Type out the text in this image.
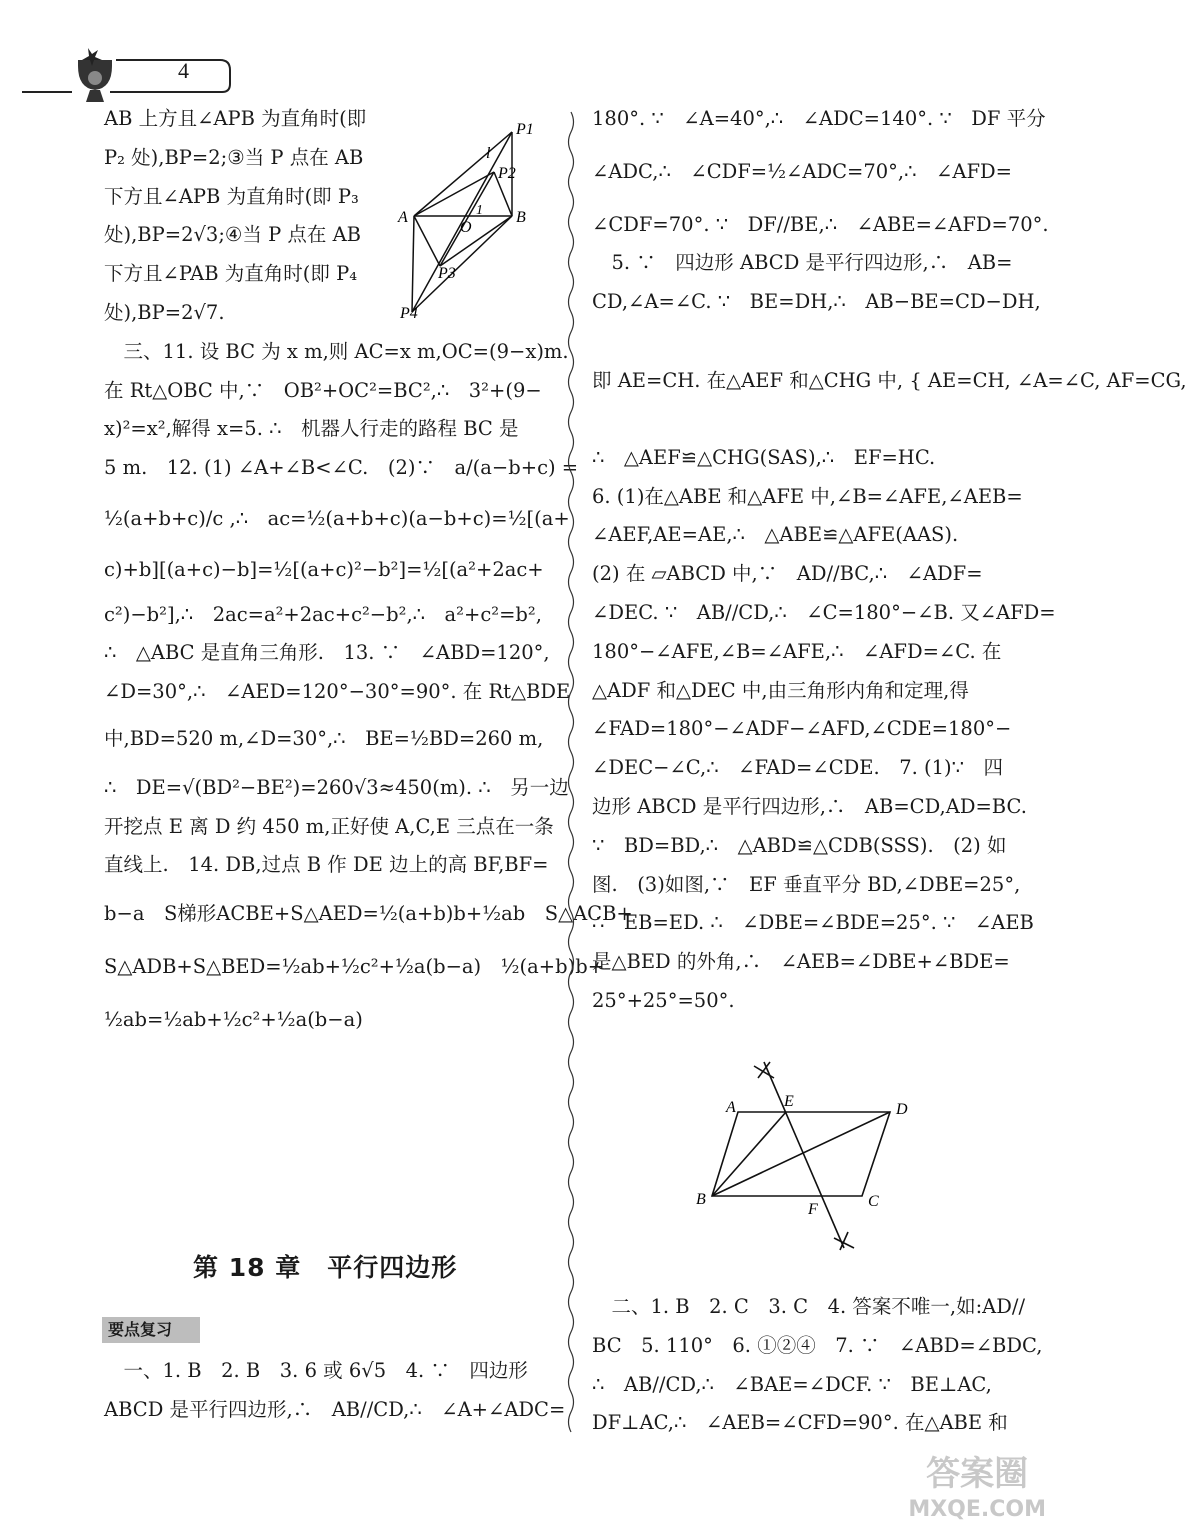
4

AB 上方且∠APB 为直角时(即

P₂ 处),BP=2;③当 P 点在 AB

下方且∠APB 为直角时(即 P₃

处),BP=2√3;④当 P 点在 AB

下方且∠PAB 为直角时(即 P₄

处),BP=2√7.

　三、11. 设 BC 为 x m,则 AC=x m,OC=(9−x)m.

在 Rt△OBC 中,∵　OB²+OC²=BC²,∴　3²+(9−

x)²=x²,解得 x=5. ∴　机器人行走的路程 BC 是

5 m.　12. (1) ∠A+∠B<∠C.　(2)∵　a/(a−b+c) =

½(a+b+c)/c ,∴　ac=½(a+b+c)(a−b+c)=½[(a+

c)+b][(a+c)−b]=½[(a+c)²−b²]=½[(a²+2ac+

c²)−b²],∴　2ac=a²+2ac+c²−b²,∴　a²+c²=b²,

∴　△ABC 是直角三角形.　13. ∵　∠ABD=120°,

∠D=30°,∴　∠AED=120°−30°=90°. 在 Rt△BDE

中,BD=520 m,∠D=30°,∴　BE=½BD=260 m,

∴　DE=√(BD²−BE²)=260√3≈450(m). ∴　另一边

开挖点 E 离 D 约 450 m,正好使 A,C,E 三点在一条

直线上.　14. DB,过点 B 作 DE 边上的高 BF,BF=

b−a　S梯形ACBE+S△AED=½(a+b)b+½ab　S△ACB+

S△ADB+S△BED=½ab+½c²+½a(b−a)　½(a+b)b+

½ab=½ab+½c²+½a(b−a)

P1
l
P2
A	B
O
1
P3
P4
第 18 章　平行四边形
要点复习

　一、1. B　2. B　3. 6 或 6√5　4. ∵　四边形

ABCD 是平行四边形,∴　AB//CD,∴　∠A+∠ADC=

180°. ∵　∠A=40°,∴　∠ADC=140°. ∵　DF 平分

∠ADC,∴　∠CDF=½∠ADC=70°,∴　∠AFD=

∠CDF=70°. ∵　DF//BE,∴　∠ABE=∠AFD=70°.

　5. ∵　四边形 ABCD 是平行四边形,∴　AB=

CD,∠A=∠C. ∵　BE=DH,∴　AB−BE=CD−DH,

即 AE=CH. 在△AEF 和△CHG 中, { AE=CH, ∠A=∠C, AF=CG,

∴　△AEF≌△CHG(SAS),∴　EF=HC.

6. (1)在△ABE 和△AFE 中,∠B=∠AFE,∠AEB=

∠AEF,AE=AE,∴　△ABE≌△AFE(AAS).

(2) 在 ▱ABCD 中,∵　AD//BC,∴　∠ADF=

∠DEC. ∵　AB//CD,∴　∠C=180°−∠B. 又∠AFD=

180°−∠AFE,∠B=∠AFE,∴　∠AFD=∠C. 在

△ADF 和△DEC 中,由三角形内角和定理,得

∠FAD=180°−∠ADF−∠AFD,∠CDE=180°−

∠DEC−∠C,∴　∠FAD=∠CDE.　7. (1)∵　四

边形 ABCD 是平行四边形,∴　AB=CD,AD=BC.

∵　BD=BD,∴　△ABD≌△CDB(SSS).　(2) 如

图.　(3)如图,∵　EF 垂直平分 BD,∠DBE=25°,

∴　EB=ED. ∴　∠DBE=∠BDE=25°. ∵　∠AEB

是△BED 的外角,∴　∠AEB=∠DBE+∠BDE=

25°+25°=50°.

A	E	D
B
F	C

　二、1. B　2. C　3. C　4. 答案不唯一,如:AD//

BC　5. 110°　6. ①②④　7. ∵　∠ABD=∠BDC,

∴　AB//CD,∴　∠BAE=∠DCF. ∵　BE⊥AC,

DF⊥AC,∴　∠AEB=∠CFD=90°. 在△ABE 和

答案圈
MXQE.COM
